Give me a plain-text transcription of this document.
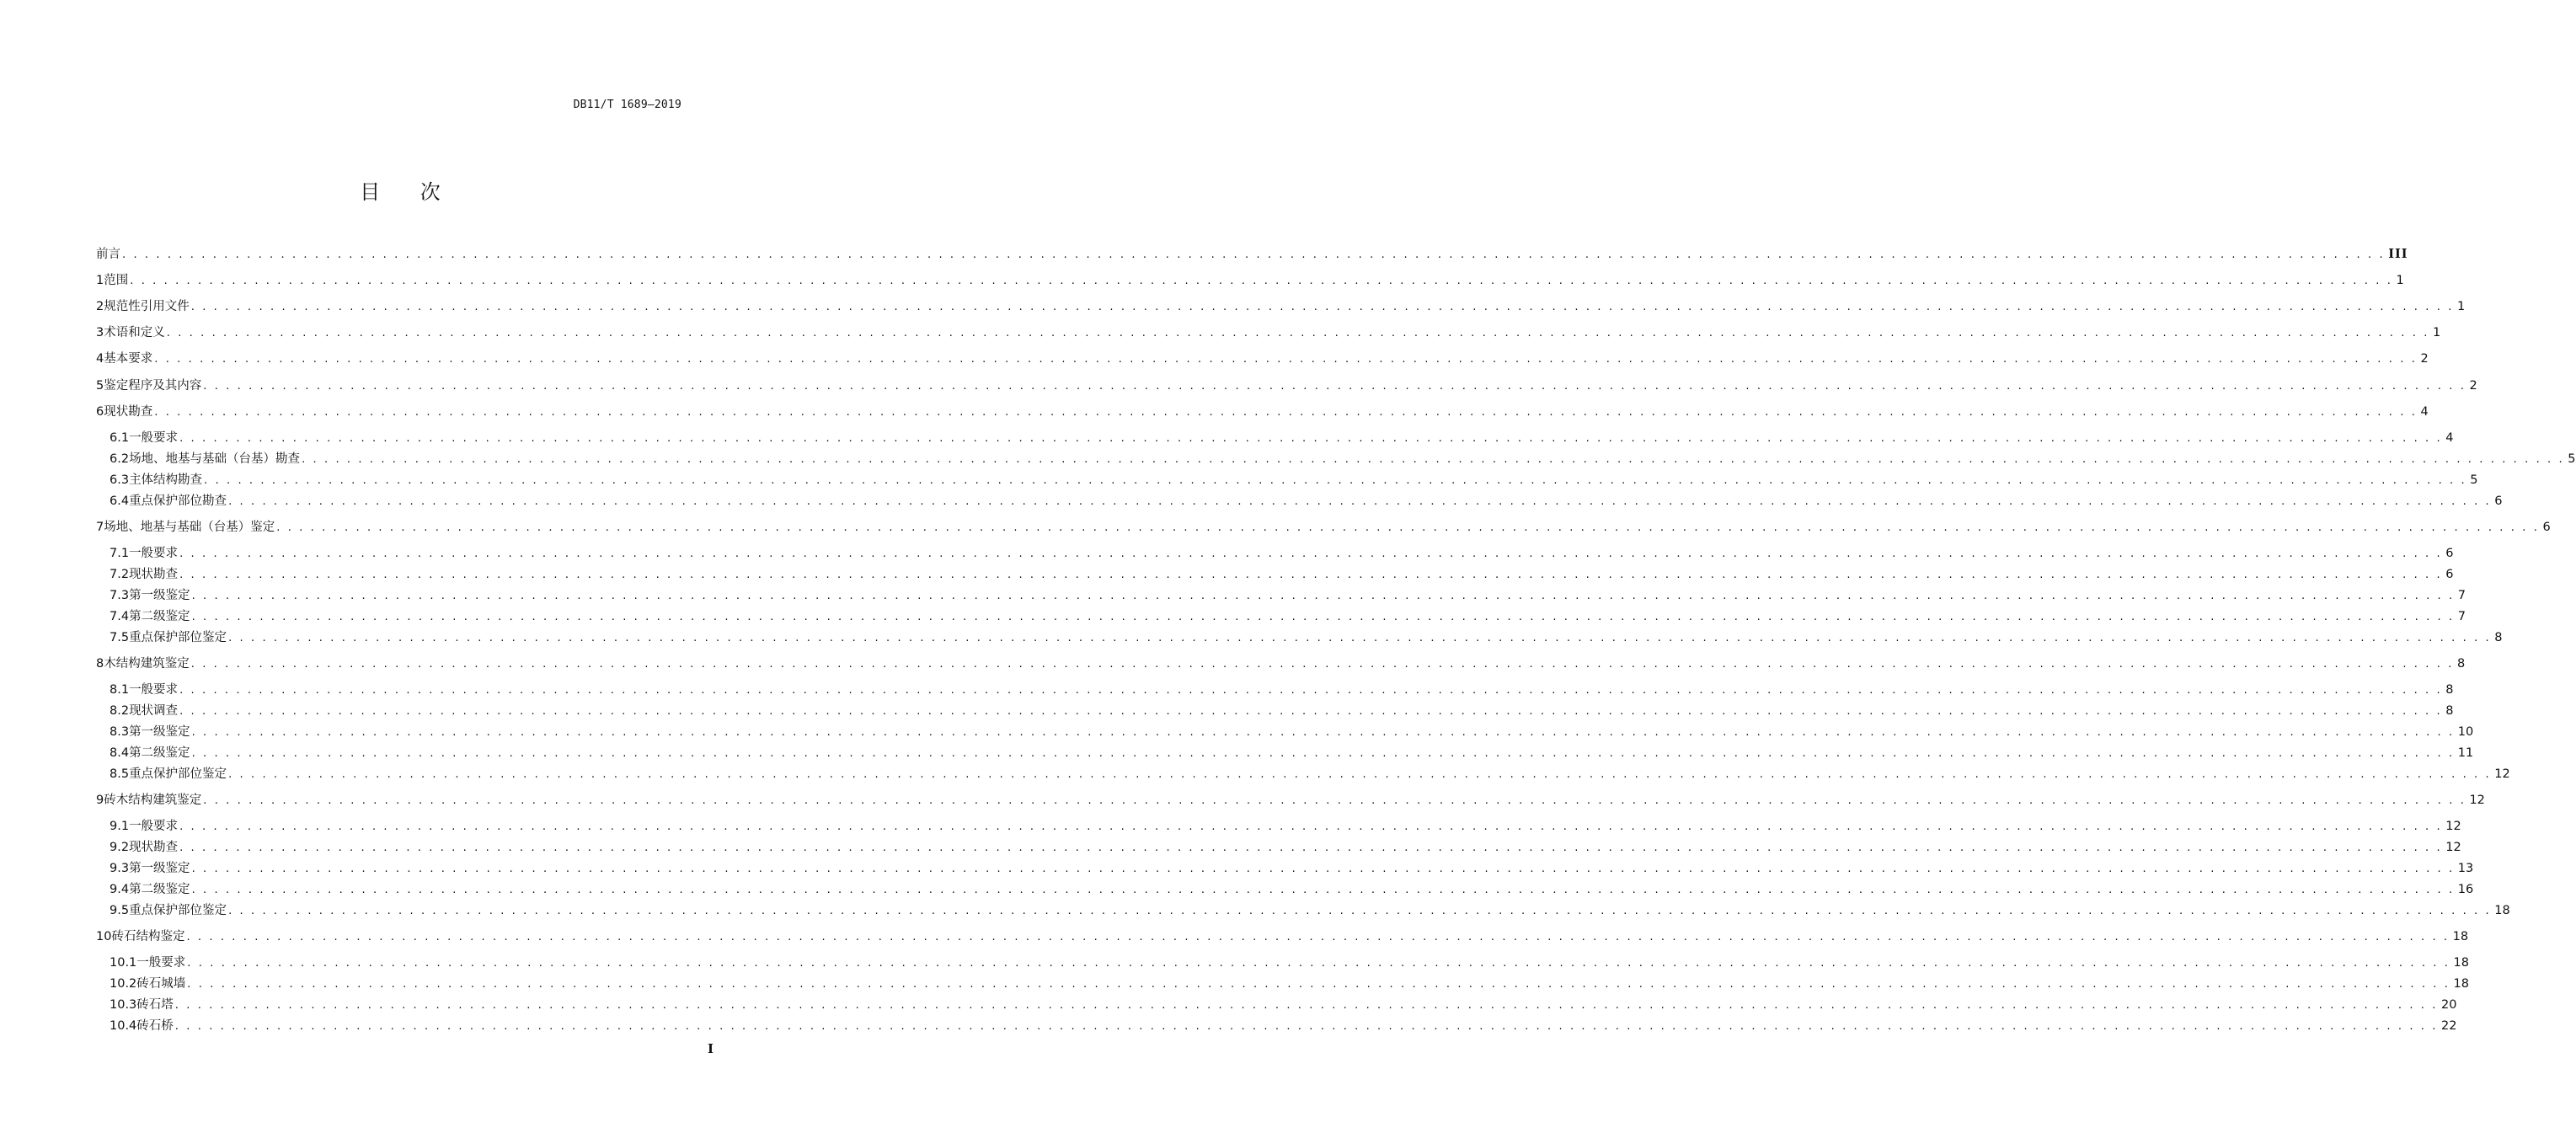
DB11/T 1689—2019
目 次
前言 . . . . . . . . . . . . . . . . . . . . . . . . . . . . . . . . . . . . . . . . . . . . . . . . . . . . . . . . . . . . . . . . . . . . . . . . . . . . . . . . . . . . . . . . . . . . . . . . . . . . . . . . . . . . . . . . . . . . . . . . . . . . . . . . . . . . . . . . . . . . . . . . . . . . . . . . . . . . . . . . . . . . . . . . . . . . . . . . . . . . . . . . . . . . . . . . . . . . . . . . III
1 范围 . . . . . . . . . . . . . . . . . . . . . . . . . . . . . . . . . . . . . . . . . . . . . . . . . . . . . . . . . . . . . . . . . . . . . . . . . . . . . . . . . . . . . . . . . . . . . . . . . . . . . . . . . . . . . . . . . . . . . . . . . . . . . . . . . . . . . . . . . . . . . . . . . . . . . . . . . . . . . . . . . . . . . . . . . . . . . . . . . . . . . . . . . . . . . . . . . . . . . . . . 1
2 规范性引用文件 . . . . . . . . . . . . . . . . . . . . . . . . . . . . . . . . . . . . . . . . . . . . . . . . . . . . . . . . . . . . . . . . . . . . . . . . . . . . . . . . . . . . . . . . . . . . . . . . . . . . . . . . . . . . . . . . . . . . . . . . . . . . . . . . . . . . . . . . . . . . . . . . . . . . . . . . . . . . . . . . . . . . . . . . . . . . . . . . . . . . . . . . . . . . . . . . . . . . . . . . 1
3 术语和定义 . . . . . . . . . . . . . . . . . . . . . . . . . . . . . . . . . . . . . . . . . . . . . . . . . . . . . . . . . . . . . . . . . . . . . . . . . . . . . . . . . . . . . . . . . . . . . . . . . . . . . . . . . . . . . . . . . . . . . . . . . . . . . . . . . . . . . . . . . . . . . . . . . . . . . . . . . . . . . . . . . . . . . . . . . . . . . . . . . . . . . . . . . . . . . . . . . . . . . . . . 1
4 基本要求 . . . . . . . . . . . . . . . . . . . . . . . . . . . . . . . . . . . . . . . . . . . . . . . . . . . . . . . . . . . . . . . . . . . . . . . . . . . . . . . . . . . . . . . . . . . . . . . . . . . . . . . . . . . . . . . . . . . . . . . . . . . . . . . . . . . . . . . . . . . . . . . . . . . . . . . . . . . . . . . . . . . . . . . . . . . . . . . . . . . . . . . . . . . . . . . . . . . . . . . . 2
5 鉴定程序及其内容 . . . . . . . . . . . . . . . . . . . . . . . . . . . . . . . . . . . . . . . . . . . . . . . . . . . . . . . . . . . . . . . . . . . . . . . . . . . . . . . . . . . . . . . . . . . . . . . . . . . . . . . . . . . . . . . . . . . . . . . . . . . . . . . . . . . . . . . . . . . . . . . . . . . . . . . . . . . . . . . . . . . . . . . . . . . . . . . . . . . . . . . . . . . . . . . . . . . . . . . . 2
6 现状勘查 . . . . . . . . . . . . . . . . . . . . . . . . . . . . . . . . . . . . . . . . . . . . . . . . . . . . . . . . . . . . . . . . . . . . . . . . . . . . . . . . . . . . . . . . . . . . . . . . . . . . . . . . . . . . . . . . . . . . . . . . . . . . . . . . . . . . . . . . . . . . . . . . . . . . . . . . . . . . . . . . . . . . . . . . . . . . . . . . . . . . . . . . . . . . . . . . . . . . . . . . 4
6.1 一般要求 . . . . . . . . . . . . . . . . . . . . . . . . . . . . . . . . . . . . . . . . . . . . . . . . . . . . . . . . . . . . . . . . . . . . . . . . . . . . . . . . . . . . . . . . . . . . . . . . . . . . . . . . . . . . . . . . . . . . . . . . . . . . . . . . . . . . . . . . . . . . . . . . . . . . . . . . . . . . . . . . . . . . . . . . . . . . . . . . . . . . . . . . . . . . . . . . . . . . . . . . 4
6.2 场地、地基与基础（台基）勘查 . . . . . . . . . . . . . . . . . . . . . . . . . . . . . . . . . . . . . . . . . . . . . . . . . . . . . . . . . . . . . . . . . . . . . . . . . . . . . . . . . . . . . . . . . . . . . . . . . . . . . . . . . . . . . . . . . . . . . . . . . . . . . . . . . . . . . . . . . . . . . . . . . . . . . . . . . . . . . . . . . . . . . . . . . . . . . . . . . . . . . . . . . . . . . . . . . . . . . . . . 5
6.3 主体结构勘查 . . . . . . . . . . . . . . . . . . . . . . . . . . . . . . . . . . . . . . . . . . . . . . . . . . . . . . . . . . . . . . . . . . . . . . . . . . . . . . . . . . . . . . . . . . . . . . . . . . . . . . . . . . . . . . . . . . . . . . . . . . . . . . . . . . . . . . . . . . . . . . . . . . . . . . . . . . . . . . . . . . . . . . . . . . . . . . . . . . . . . . . . . . . . . . . . . . . . . . . . 5
6.4 重点保护部位勘查 . . . . . . . . . . . . . . . . . . . . . . . . . . . . . . . . . . . . . . . . . . . . . . . . . . . . . . . . . . . . . . . . . . . . . . . . . . . . . . . . . . . . . . . . . . . . . . . . . . . . . . . . . . . . . . . . . . . . . . . . . . . . . . . . . . . . . . . . . . . . . . . . . . . . . . . . . . . . . . . . . . . . . . . . . . . . . . . . . . . . . . . . . . . . . . . . . . . . . . . . 6
7 场地、地基与基础（台基）鉴定 . . . . . . . . . . . . . . . . . . . . . . . . . . . . . . . . . . . . . . . . . . . . . . . . . . . . . . . . . . . . . . . . . . . . . . . . . . . . . . . . . . . . . . . . . . . . . . . . . . . . . . . . . . . . . . . . . . . . . . . . . . . . . . . . . . . . . . . . . . . . . . . . . . . . . . . . . . . . . . . . . . . . . . . . . . . . . . . . . . . . . . . . . . . . . . . . . . . . . . . . 6
7.1 一般要求 . . . . . . . . . . . . . . . . . . . . . . . . . . . . . . . . . . . . . . . . . . . . . . . . . . . . . . . . . . . . . . . . . . . . . . . . . . . . . . . . . . . . . . . . . . . . . . . . . . . . . . . . . . . . . . . . . . . . . . . . . . . . . . . . . . . . . . . . . . . . . . . . . . . . . . . . . . . . . . . . . . . . . . . . . . . . . . . . . . . . . . . . . . . . . . . . . . . . . . . . 6
7.2 现状勘查 . . . . . . . . . . . . . . . . . . . . . . . . . . . . . . . . . . . . . . . . . . . . . . . . . . . . . . . . . . . . . . . . . . . . . . . . . . . . . . . . . . . . . . . . . . . . . . . . . . . . . . . . . . . . . . . . . . . . . . . . . . . . . . . . . . . . . . . . . . . . . . . . . . . . . . . . . . . . . . . . . . . . . . . . . . . . . . . . . . . . . . . . . . . . . . . . . . . . . . . . 6
7.3 第一级鉴定 . . . . . . . . . . . . . . . . . . . . . . . . . . . . . . . . . . . . . . . . . . . . . . . . . . . . . . . . . . . . . . . . . . . . . . . . . . . . . . . . . . . . . . . . . . . . . . . . . . . . . . . . . . . . . . . . . . . . . . . . . . . . . . . . . . . . . . . . . . . . . . . . . . . . . . . . . . . . . . . . . . . . . . . . . . . . . . . . . . . . . . . . . . . . . . . . . . . . . . . . 7
7.4 第二级鉴定 . . . . . . . . . . . . . . . . . . . . . . . . . . . . . . . . . . . . . . . . . . . . . . . . . . . . . . . . . . . . . . . . . . . . . . . . . . . . . . . . . . . . . . . . . . . . . . . . . . . . . . . . . . . . . . . . . . . . . . . . . . . . . . . . . . . . . . . . . . . . . . . . . . . . . . . . . . . . . . . . . . . . . . . . . . . . . . . . . . . . . . . . . . . . . . . . . . . . . . . . 7
7.5 重点保护部位鉴定 . . . . . . . . . . . . . . . . . . . . . . . . . . . . . . . . . . . . . . . . . . . . . . . . . . . . . . . . . . . . . . . . . . . . . . . . . . . . . . . . . . . . . . . . . . . . . . . . . . . . . . . . . . . . . . . . . . . . . . . . . . . . . . . . . . . . . . . . . . . . . . . . . . . . . . . . . . . . . . . . . . . . . . . . . . . . . . . . . . . . . . . . . . . . . . . . . . . . . . . . 8
8 木结构建筑鉴定 . . . . . . . . . . . . . . . . . . . . . . . . . . . . . . . . . . . . . . . . . . . . . . . . . . . . . . . . . . . . . . . . . . . . . . . . . . . . . . . . . . . . . . . . . . . . . . . . . . . . . . . . . . . . . . . . . . . . . . . . . . . . . . . . . . . . . . . . . . . . . . . . . . . . . . . . . . . . . . . . . . . . . . . . . . . . . . . . . . . . . . . . . . . . . . . . . . . . . . . . 8
8.1 一般要求 . . . . . . . . . . . . . . . . . . . . . . . . . . . . . . . . . . . . . . . . . . . . . . . . . . . . . . . . . . . . . . . . . . . . . . . . . . . . . . . . . . . . . . . . . . . . . . . . . . . . . . . . . . . . . . . . . . . . . . . . . . . . . . . . . . . . . . . . . . . . . . . . . . . . . . . . . . . . . . . . . . . . . . . . . . . . . . . . . . . . . . . . . . . . . . . . . . . . . . . . 8
8.2 现状调查 . . . . . . . . . . . . . . . . . . . . . . . . . . . . . . . . . . . . . . . . . . . . . . . . . . . . . . . . . . . . . . . . . . . . . . . . . . . . . . . . . . . . . . . . . . . . . . . . . . . . . . . . . . . . . . . . . . . . . . . . . . . . . . . . . . . . . . . . . . . . . . . . . . . . . . . . . . . . . . . . . . . . . . . . . . . . . . . . . . . . . . . . . . . . . . . . . . . . . . . . 8
8.3 第一级鉴定 . . . . . . . . . . . . . . . . . . . . . . . . . . . . . . . . . . . . . . . . . . . . . . . . . . . . . . . . . . . . . . . . . . . . . . . . . . . . . . . . . . . . . . . . . . . . . . . . . . . . . . . . . . . . . . . . . . . . . . . . . . . . . . . . . . . . . . . . . . . . . . . . . . . . . . . . . . . . . . . . . . . . . . . . . . . . . . . . . . . . . . . . . . . . . . . . . . . . . . . . 10
8.4 第二级鉴定 . . . . . . . . . . . . . . . . . . . . . . . . . . . . . . . . . . . . . . . . . . . . . . . . . . . . . . . . . . . . . . . . . . . . . . . . . . . . . . . . . . . . . . . . . . . . . . . . . . . . . . . . . . . . . . . . . . . . . . . . . . . . . . . . . . . . . . . . . . . . . . . . . . . . . . . . . . . . . . . . . . . . . . . . . . . . . . . . . . . . . . . . . . . . . . . . . . . . . . . . 11
8.5 重点保护部位鉴定 . . . . . . . . . . . . . . . . . . . . . . . . . . . . . . . . . . . . . . . . . . . . . . . . . . . . . . . . . . . . . . . . . . . . . . . . . . . . . . . . . . . . . . . . . . . . . . . . . . . . . . . . . . . . . . . . . . . . . . . . . . . . . . . . . . . . . . . . . . . . . . . . . . . . . . . . . . . . . . . . . . . . . . . . . . . . . . . . . . . . . . . . . . . . . . . . . . . . . . . . 12
9 砖木结构建筑鉴定 . . . . . . . . . . . . . . . . . . . . . . . . . . . . . . . . . . . . . . . . . . . . . . . . . . . . . . . . . . . . . . . . . . . . . . . . . . . . . . . . . . . . . . . . . . . . . . . . . . . . . . . . . . . . . . . . . . . . . . . . . . . . . . . . . . . . . . . . . . . . . . . . . . . . . . . . . . . . . . . . . . . . . . . . . . . . . . . . . . . . . . . . . . . . . . . . . . . . . . . . 12
9.1 一般要求 . . . . . . . . . . . . . . . . . . . . . . . . . . . . . . . . . . . . . . . . . . . . . . . . . . . . . . . . . . . . . . . . . . . . . . . . . . . . . . . . . . . . . . . . . . . . . . . . . . . . . . . . . . . . . . . . . . . . . . . . . . . . . . . . . . . . . . . . . . . . . . . . . . . . . . . . . . . . . . . . . . . . . . . . . . . . . . . . . . . . . . . . . . . . . . . . . . . . . . . . 12
9.2 现状勘查 . . . . . . . . . . . . . . . . . . . . . . . . . . . . . . . . . . . . . . . . . . . . . . . . . . . . . . . . . . . . . . . . . . . . . . . . . . . . . . . . . . . . . . . . . . . . . . . . . . . . . . . . . . . . . . . . . . . . . . . . . . . . . . . . . . . . . . . . . . . . . . . . . . . . . . . . . . . . . . . . . . . . . . . . . . . . . . . . . . . . . . . . . . . . . . . . . . . . . . . . 12
9.3 第一级鉴定 . . . . . . . . . . . . . . . . . . . . . . . . . . . . . . . . . . . . . . . . . . . . . . . . . . . . . . . . . . . . . . . . . . . . . . . . . . . . . . . . . . . . . . . . . . . . . . . . . . . . . . . . . . . . . . . . . . . . . . . . . . . . . . . . . . . . . . . . . . . . . . . . . . . . . . . . . . . . . . . . . . . . . . . . . . . . . . . . . . . . . . . . . . . . . . . . . . . . . . . . 13
9.4 第二级鉴定 . . . . . . . . . . . . . . . . . . . . . . . . . . . . . . . . . . . . . . . . . . . . . . . . . . . . . . . . . . . . . . . . . . . . . . . . . . . . . . . . . . . . . . . . . . . . . . . . . . . . . . . . . . . . . . . . . . . . . . . . . . . . . . . . . . . . . . . . . . . . . . . . . . . . . . . . . . . . . . . . . . . . . . . . . . . . . . . . . . . . . . . . . . . . . . . . . . . . . . . . 16
9.5 重点保护部位鉴定 . . . . . . . . . . . . . . . . . . . . . . . . . . . . . . . . . . . . . . . . . . . . . . . . . . . . . . . . . . . . . . . . . . . . . . . . . . . . . . . . . . . . . . . . . . . . . . . . . . . . . . . . . . . . . . . . . . . . . . . . . . . . . . . . . . . . . . . . . . . . . . . . . . . . . . . . . . . . . . . . . . . . . . . . . . . . . . . . . . . . . . . . . . . . . . . . . . . . . . . . 18
10 砖石结构鉴定 . . . . . . . . . . . . . . . . . . . . . . . . . . . . . . . . . . . . . . . . . . . . . . . . . . . . . . . . . . . . . . . . . . . . . . . . . . . . . . . . . . . . . . . . . . . . . . . . . . . . . . . . . . . . . . . . . . . . . . . . . . . . . . . . . . . . . . . . . . . . . . . . . . . . . . . . . . . . . . . . . . . . . . . . . . . . . . . . . . . . . . . . . . . . . . . . . . . . . . . . 18
10.1 一般要求 . . . . . . . . . . . . . . . . . . . . . . . . . . . . . . . . . . . . . . . . . . . . . . . . . . . . . . . . . . . . . . . . . . . . . . . . . . . . . . . . . . . . . . . . . . . . . . . . . . . . . . . . . . . . . . . . . . . . . . . . . . . . . . . . . . . . . . . . . . . . . . . . . . . . . . . . . . . . . . . . . . . . . . . . . . . . . . . . . . . . . . . . . . . . . . . . . . . . . . . . 18
10.2 砖石城墙 . . . . . . . . . . . . . . . . . . . . . . . . . . . . . . . . . . . . . . . . . . . . . . . . . . . . . . . . . . . . . . . . . . . . . . . . . . . . . . . . . . . . . . . . . . . . . . . . . . . . . . . . . . . . . . . . . . . . . . . . . . . . . . . . . . . . . . . . . . . . . . . . . . . . . . . . . . . . . . . . . . . . . . . . . . . . . . . . . . . . . . . . . . . . . . . . . . . . . . . . 18
10.3 砖石塔 . . . . . . . . . . . . . . . . . . . . . . . . . . . . . . . . . . . . . . . . . . . . . . . . . . . . . . . . . . . . . . . . . . . . . . . . . . . . . . . . . . . . . . . . . . . . . . . . . . . . . . . . . . . . . . . . . . . . . . . . . . . . . . . . . . . . . . . . . . . . . . . . . . . . . . . . . . . . . . . . . . . . . . . . . . . . . . . . . . . . . . . . . . . . . . . . . . . . . . . . 20
10.4 砖石桥 . . . . . . . . . . . . . . . . . . . . . . . . . . . . . . . . . . . . . . . . . . . . . . . . . . . . . . . . . . . . . . . . . . . . . . . . . . . . . . . . . . . . . . . . . . . . . . . . . . . . . . . . . . . . . . . . . . . . . . . . . . . . . . . . . . . . . . . . . . . . . . . . . . . . . . . . . . . . . . . . . . . . . . . . . . . . . . . . . . . . . . . . . . . . . . . . . . . . . . . . 22
I
